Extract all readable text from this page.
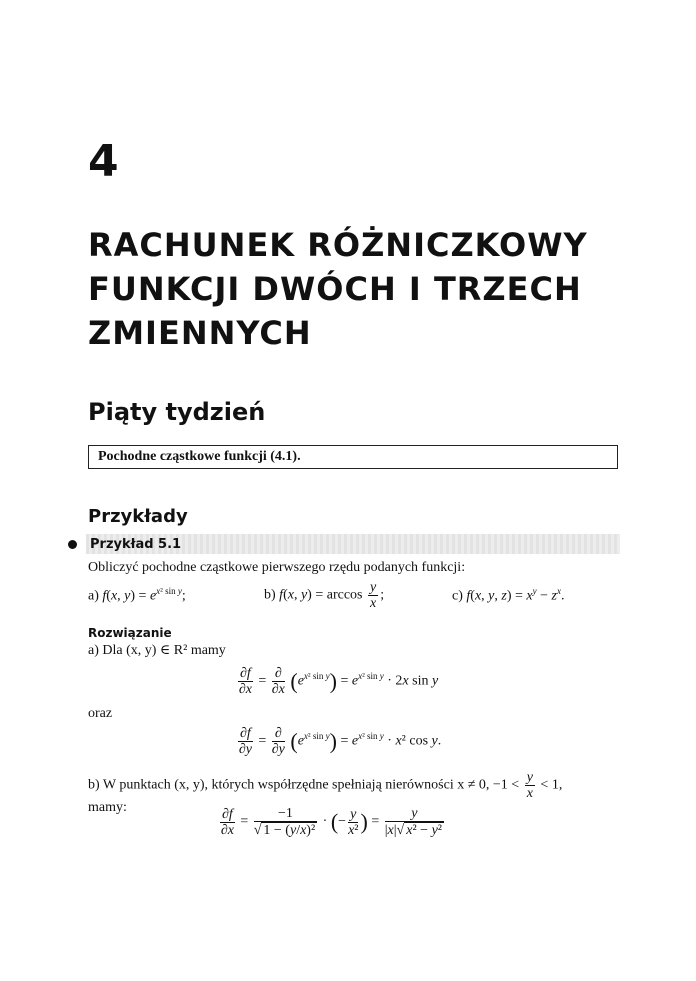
4
RACHUNEK RÓŻNICZKOWY
FUNKCJI DWÓCH I TRZECH
ZMIENNYCH
Piąty tydzień
Pochodne cząstkowe funkcji (4.1).
Przykłady
Przykład 5.1
Obliczyć pochodne cząstkowe pierwszego rzędu podanych funkcji:
a) f(x, $y) = e^{x^2 sin y}$;	b) f(x, $y) = \arccos \frac{y}{x}$ ;	c) f(x, y, $z) = x^y - z^x$.
Rozwiązanie
a) Dla (x, y) ∈ R² mamy
$\frac{\partial f}{\partial x} = \frac{\partial}{\partial x} (e^{x^2 sin y}) = e^{x^2 sin y} \cdot 2x$ sin y
oraz
$\frac{\partial f}{\partial y} = \frac{\partial}{\partial y} (e^{x^2 sin y}) = e^{x^2 sin y} \cdot x^2$ cos y.
b) W punktach (x, y), których współrzędne spełniają nierówności x ≠ 0, $-1 < \frac{y}{x} < 1$,
mamy:	$\frac{\partial f}{\partial x} = \frac{-1}{\text{√ 1 − (y/x)²}}$ · (− $\frac{y}{\text{x²}}$ ) = $\frac{y}{\text{|x|√ x² − y²}}$
